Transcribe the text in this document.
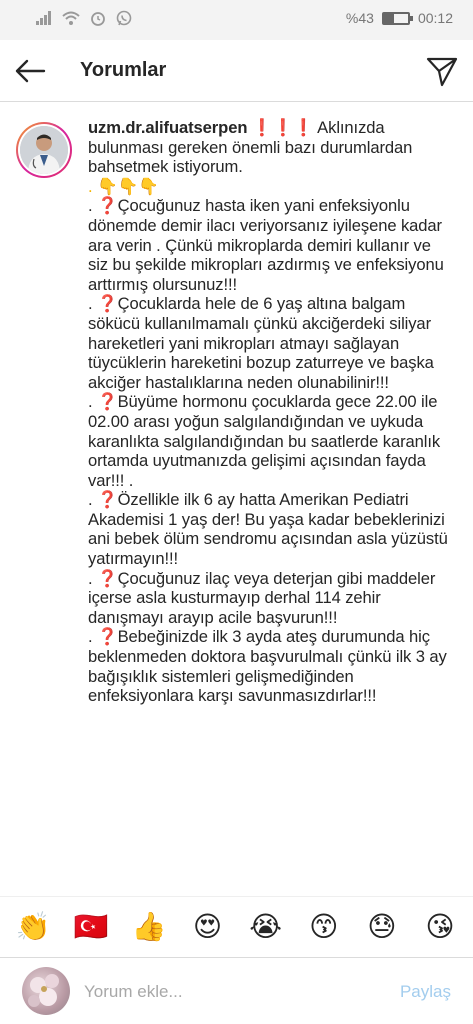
%43	00:12
Yorumlar
uzm.dr.alifuatserpen ❗❗❗ Aklınızda bulunması gereken önemli bazı durumlardan bahsetmek istiyorum.
. 👇👇👇
. ❓Çocuğunuz hasta iken yani enfeksiyonlu dönemde demir ilacı veriyorsanız iyileşene kadar ara verin . Çünkü mikroplarda demiri kullanır ve siz bu şekilde mikropları azdırmış ve enfeksiyonu arttırmış olursunuz!!!
. ❓Çocuklarda hele de 6 yaş altına balgam sökücü kullanılmamalı çünkü akciğerdeki siliyar hareketleri yani mikropları atmayı sağlayan tüycüklerin hareketini bozup zaturreye ve başka akciğer hastalıklarına neden olunabilinir!!!
. ❓Büyüme hormonu çocuklarda gece 22.00 ile 02.00 arası yoğun salgılandığından ve uykuda karanlıkta salgılandığından bu saatlerde karanlık ortamda uyutmanızda gelişimi açısından fayda var!!! .
. ❓Özellikle ilk 6 ay hatta Amerikan Pediatri Akademisi 1 yaş der! Bu yaşa kadar bebeklerinizi ani bebek ölüm sendromu açısından asla yüzüstü yatırmayın!!!
. ❓Çocuğunuz ilaç veya deterjan gibi maddeler içerse asla kusturmayıp derhal 114 zehir danışmayı arayıp acile başvurun!!!
. ❓Bebeğinizde ilk 3 ayda ateş durumunda hiç beklenmeden doktora başvurulmalı çünkü ilk 3 ay bağışıklık sistemleri gelişmediğinden enfeksiyonlara karşı savunmasızdırlar!!!
👏 🇹🇷 👍 😍 😭 😙 😓 😘
Yorum ekle...
Paylaş
